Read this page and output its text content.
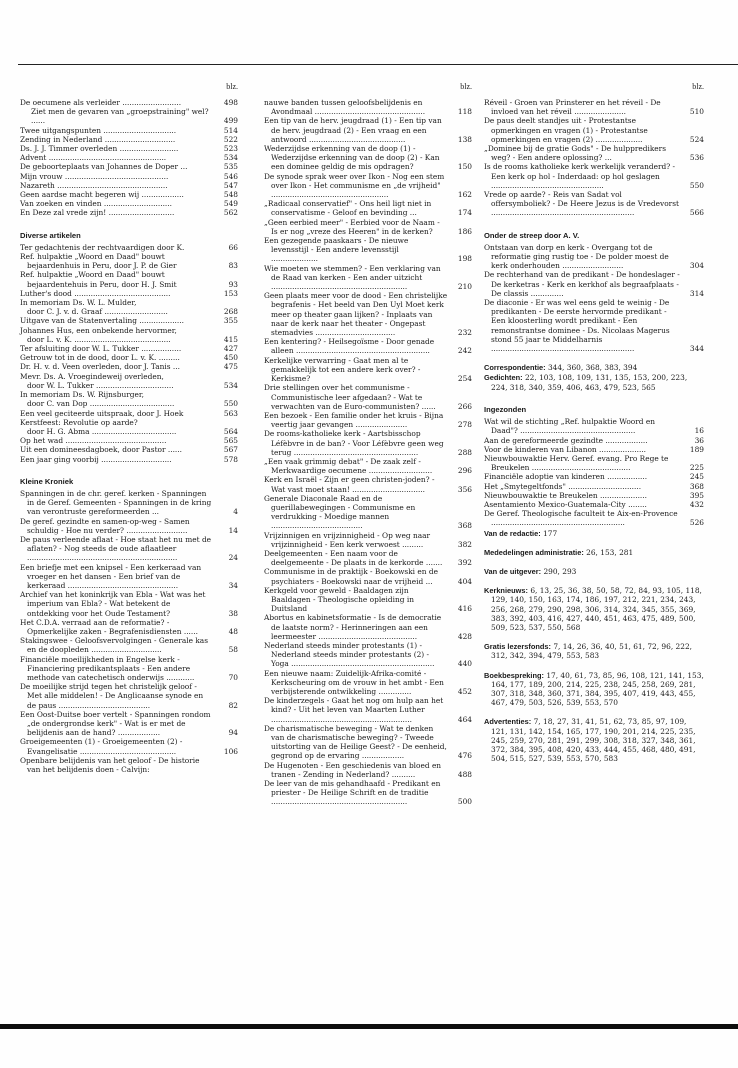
blz.
De oecumene als verleider .........................	498
Ziet men de gevaren van „groepstraining" wel? ......	499
Twee uitgangspunten ...............................	514
Zending in Nederland ..............................	522
Ds. J. J. Timmer overleden .........................	523
Advent ..................................................	534
De geboorteplaats van Johannes de Doper ...	535
Mijn vrouw ............................................	546
Nazareth ...............................................	547
Geen aardse macht begeren wij ..................	548
Van zoeken en vinden .............................	549
En Deze zal vrede zijn! ............................	562
Diverse artikelen
Ter gedachtenis der rechtvaardigen door K.	66
Ref. hulpaktie „Woord en Daad" bouwt
bejaardenhuis in Peru, door J. P. de Gier	83
Ref. hulpaktie „Woord en Daad" bouwt
bejaardentehuis in Peru, door H. J. Smit	93
Luther's dood .........................................	153
In memoriam Ds. W. L. Mulder,
door C. J. v. d. Graaf ...........................	268
Uitgave van de Statenvertaling ...................	355
Johannes Hus, een onbekende hervormer,
door L. v. K. .........................................	415
Ter afsluiting door W. L. Tukker .................	427
Getrouw tot in de dood, door L. v. K. .........	450
Dr. H. v. d. Veen overleden, door J. Tanis ...	475
Mevr. Ds. A. Vroegindeweij overleden,
door W. L. Tukker .................................	534
In memoriam Ds. W. Rijnsburger,
door C. van Dop ....................................	550
Een veel geciteerde uitspraak, door J. Hoek	563
Kerstfeest: Revolutie op aarde?
door H. G. Abma ....................................	564
Op het wad ...........................................	565
Uit een domineesdagboek, door Pastor ......	567
Een jaar ging voorbij ..............................	578
Kleine Kroniek
Spanningen in de chr. geref. kerken - Spanningen in de Geref. Gemeenten - Spanningen in de kring van verontruste gereformeerden ...	4
De geref. gezindte en samen-op-weg - Samen schuldig - Hoe nu verder? ..........................	14
De paus verleende aflaat - Hoe staat het nu met de aflaten? - Nog steeds de oude aflaatleer ................................................................	24
Een briefje met een knipsel - Een kerkeraad van vroeger en het dansen - Een brief van de kerkeraad ...............................................	34
Archief van het koninkrijk van Ebla - Wat was het imperium van Ebla? - Wat betekent de ontdekking voor het Oude Testament?	38
Het C.D.A. verraad aan de reformatie? - Opmerkelijke zaken - Begrafenisdiensten ......	48
Stakingswee - Geloofsvervolgingen - Generale kas en de doopleden ..............................	58
Financiële moeilijkheden in Engelse kerk - Financiering predikantsplaats - Een andere methode van catechetisch onderwijs ............	70
De moeilijke strijd tegen het christelijk geloof - Met alle middelen! - De Anglicaanse synode en de paus .......................................	82
Een Oost-Duitse boer vertelt - Spanningen rondom „de ondergrondse kerk" - Wat is er met de belijdenis aan de hand? ..................	94
Groeigemeenten (1) - Groeigemeenten (2) - Evangelisatie .........................................	106
Openbare belijdenis van het geloof - De historie van het belijdenis doen - Calvijn:
blz.
nauwe banden tussen geloofsbelijdenis en Avondmaal ...............................................	118
Een tip van de herv. jeugdraad (1) - Een tip van de herv. jeugdraad (2) - Een vraag en een antwoord .........................................	138
Wederzijdse erkenning van de doop (1) - Wederzijdse erkenning van de doop (2) - Kan een domineе geldig de mis opdragen?	150
De synode sprak weer over Ikon - Nog een stem over Ikon - Het communisme en „de vrijheid" ..................................................	162
„Radicaal conservatief" - Ons heil ligt niet in conservatisme - Geloof en bevinding ...	174
„Geen eerbied meer" - Eerbied voor de Naam - Is er nog „vreze des Heeren" in de kerken?	186
Een gezegende paaskaars - De nieuwe levensstijl - Een andere levensstijl ....................	198
Wie moeten we stemmen? - Een verklaring van de Raad van kerken - Een ander uitzicht ..........................................................	210
Geen plaats meer voor de dood - Een christelijke begrafenis - Het beeld van Den Uyl Moet kerk meer op theater gaan lijken? - Inplaats van naar de kerk naar het theater - Ongepast stemadvies ..................................	232
Een kentering? - Heilsegoïsme - Door genade alleen .........................................................	242
Kerkelijke verwarring - Gaat men al te gemakkelijk tot een andere kerk over? - Kerkisme?	254
Drie stellingen over het communisme - Communistische leer afgedaan? - Wat te verwachten van de Euro-communisten? ......	266
Een bezoek - Een familie onder het kruis - Bijna veertig jaar gevangen ......................	278
De rooms-katholieke kerk - Aartsbisschop Léfèbvre in de ban? - Voor Léfèbvre geen weg terug .....................................................	288
„Een vaak grimmig debat" - De zaak zelf - Merkwaardige oecumene ...........................	296
Kerk en Israël - Zijn er geen christen-joden? - Wat vast moet staan! ...............................	356
Generale Diaconale Raad en de guerillabewegingen - Communisme en verdrukking - Moedige mannen .......................................	368
Vrijzinnigen en vrijzinnigheid - Op weg naar vrijzinnigheid - Een kerk verwoest .........	382
Deelgemeenten - Een naam voor de deelgemeente - De plaats in de kerkorde .......	392
Communisme in de praktijk - Boekowski en de psychiaters - Boekowski naar de vrijheid ...	404
Kerkgeld voor geweld - Baaldagen zijn Baaldagen - Theologische opleiding in Duitsland	416
Abortus en kabinetsformatie - Is de democratie de laatste norm? - Herinneringen aan een leermeester ..........................................	428
Nederland steeds minder protestants (1) - Nederland steeds minder protestants (2) - Yoga .............................................................	440
Een nieuwe naam: Zuidelijk-Afrika-comité - Kerkscheuring om de vrouw in het ambt - Een verbijsterende ontwikkeling ..............	452
De kinderzegels - Gaat het nog om hulp aan het kind? - Uit het leven van Maarten Luther ............................................................	464
De charismatische beweging - Wat te denken van de charismatische beweging? - Tweede uitstorting van de Heilige Geest? - De eenheid, gegrond op de ervaring ..................	476
De Hugenoten - Een geschiedenis van bloed en tranen - Zending in Nederland? ..........	488
De leer van de mis gehandhaafd - Predikant en priester - De Heilige Schrift en de traditie ..........................................................	500
blz.
Réveil - Groen van Prinsterer en het réveil - De invloed van het réveil ......................	510
De paus deelt standjes uit - Protestantse opmerkingen en vragen (1) - Protestantse opmerkingen en vragen (2) ....................	524
„Dominee bij de gratie Gods" - De hulppredikers weg? - Een andere oplossing? ...	536
Is de rooms katholieke kerk werkelijk veranderd? - Een kerk op hol - Inderdaad: op hol geslagen ................................................	550
Vrede op aarde? - Reis van Sadat vol offersymboliek? - De Heere Jezus is de Vredevorst .............................................................	566
Onder de streep door A. V.
Ontstaan van dorp en kerk - Overgang tot de reformatie ging rustig toe - De polder moest de kerk onderhouden ..........................	304
De rechterhand van de predikant - De hondeslager - De kerketras - Kerk en kerkhof als begraafplaats - De classis ..............	314
De diaconie - Er was wel eens geld te weinig - De predikanten - De eerste hervormde predikant - Een kloosterling wordt predikant - Een remonstrantse dominee - Ds. Nicolaas Magerus stond 55 jaar te Middelharnis .............................................................	344
Correspondentie: 344, 360, 368, 383, 394
Gedichten: 22, 103, 108, 109, 131, 135, 153, 200, 223, 224, 318, 340, 359, 406, 463, 479, 523, 565
Ingezonden
Wat wil de stichting „Ref. hulpaktie Woord en Daad"? .................................................	16
Aan de gereformeerde gezindte ..................	36
Voor de kinderen van Libanon ....................	189
Nieuwbouwaktie Herv. Geref. evang. Pro Rege te Breukelen ..........................................	225
Financiële adoptie van kinderen .................	245
Het „Smytegeltfonds" ...............................	368
Nieuwbouwaktie te Breukelen ....................	395
Asentamiento Mexico-Guatemala-City ........	432
De Geref. Theologische faculteit te Aix-en-Provence .........................................................	526
Van de redactie: 177
Mededelingen administratie: 26, 153, 281
Van de uitgever: 290, 293
Kerknieuws: 6, 13, 25, 36, 38, 50, 58, 72, 84, 93, 105, 118, 129, 140, 150, 163, 174, 186, 197, 212, 221, 234, 243, 256, 268, 279, 290, 298, 306, 314, 324, 345, 355, 369, 383, 392, 403, 416, 427, 440, 451, 463, 475, 489, 500, 509, 523, 537, 550, 568
Gratis lezersfonds: 7, 14, 26, 36, 40, 51, 61, 72, 96, 222, 312, 342, 394, 479, 553, 583
Boekbespreking: 17, 40, 61, 73, 85, 96, 108, 121, 141, 153, 164, 177, 189, 200, 214, 225, 238, 245, 258, 269, 281, 307, 318, 348, 360, 371, 384, 395, 407, 419, 443, 455, 467, 479, 503, 526, 539, 553, 570
Advertenties: 7, 18, 27, 31, 41, 51, 62, 73, 85, 97, 109, 121, 131, 142, 154, 165, 177, 190, 201, 214, 225, 235, 245, 259, 270, 281, 291, 299, 308, 318, 327, 348, 361, 372, 384, 395, 408, 420, 433, 444, 455, 468, 480, 491, 504, 515, 527, 539, 553, 570, 583
